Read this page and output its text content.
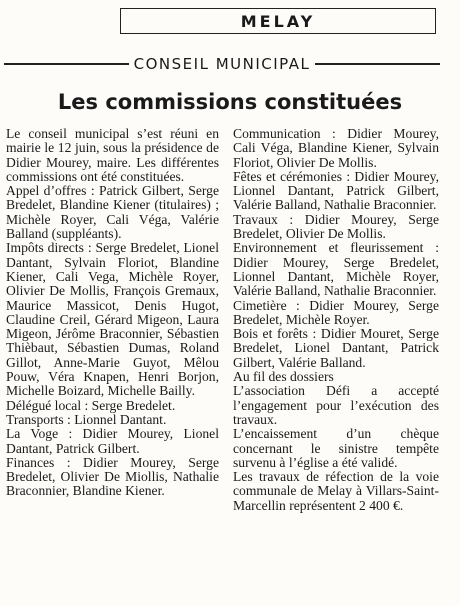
MELAY
CONSEIL MUNICIPAL
Les commissions constituées

Le conseil municipal s’est réuni en mairie le 12 juin, sous la présidence de Didier Mourey, maire. Les différentes commissions ont été constituées.

Appel d’offres : Patrick Gilbert, Serge Bredelet, Blandine Kiener (titulaires) ; Michèle Royer, Cali Véga, Valérie Balland (suppléants).

Impôts directs : Serge Bredelet, Lionel Dantant, Sylvain Floriot, Blandine Kiener, Cali Vega, Michèle Royer, Olivier De Mollis, François Gremaux, Maurice Massicot, Denis Hugot, Claudine Creil, Gérard Migeon, Laura Migeon, Jérôme Braconnier, Sébastien Thièbaut, Sébastien Dumas, Roland Gillot, Anne-Marie Guyot, Mêlou Pouw, Véra Knapen, Henri Borjon, Michelle Boizard, Michelle Bailly.

Délégué local : Serge Bredelet.

Transports : Lionnel Dantant.

La Voge : Didier Mourey, Lionel Dantant, Patrick Gilbert.

Finances : Didier Mourey, Serge Bredelet, Olivier De Miollis, Nathalie Braconnier, Blandine Kiener.

Communication : Didier Mourey, Cali Véga, Blandine Kiener, Sylvain Floriot, Olivier De Mollis.

Fêtes et cérémonies : Didier Mourey, Lionnel Dantant, Patrick Gilbert, Valérie Balland, Nathalie Braconnier.

Travaux : Didier Mourey, Serge Bredelet, Olivier De Mollis.

Environnement et fleurissement : Didier Mourey, Serge Bredelet, Lionnel Dantant, Michèle Royer, Valérie Balland, Nathalie Braconnier.

Cimetière : Didier Mourey, Serge Bredelet, Michèle Royer.

Bois et forêts : Didier Mouret, Serge Bredelet, Lionel Dantant, Patrick Gilbert, Valérie Balland.

Au fil des dossiers

L’association Défi a accepté l’engagement pour l’exécution des travaux.

L’encaissement d’un chèque concernant le sinistre tempête survenu à l’église a été validé.

Les travaux de réfection de la voie communale de Melay à Villars-Saint-Marcellin représentent 2 400 €.
